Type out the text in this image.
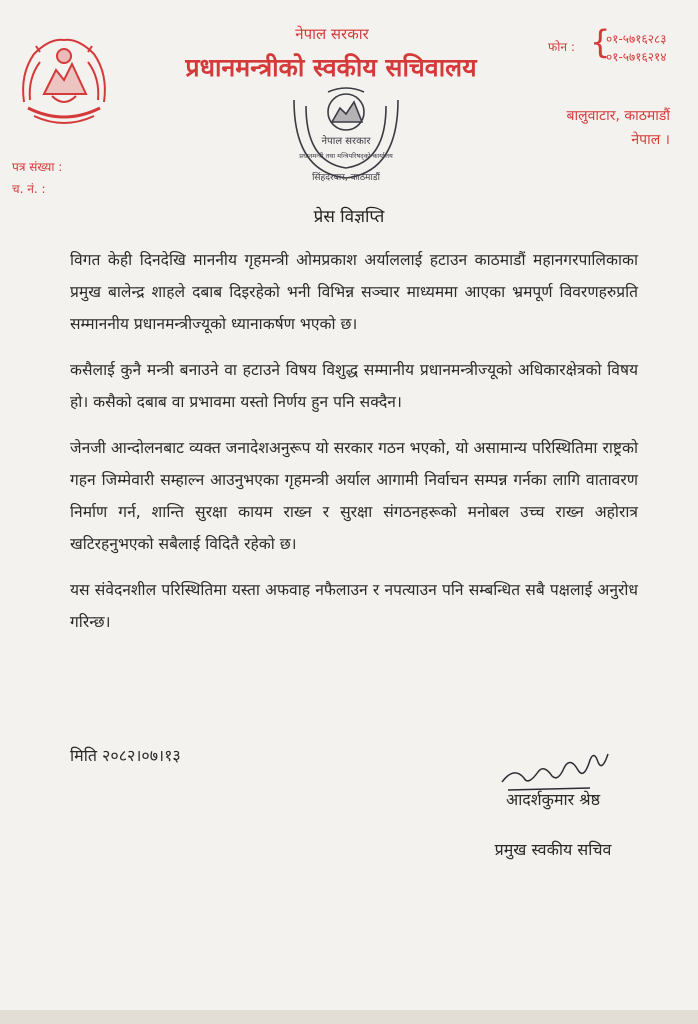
नेपाल सरकार
प्रधानमन्त्रीको स्वकीय सचिवालय
फोन : {
०१-५७१६२८३
०१-५७१६२१४
नेपाल सरकार
प्रधानमन्त्री तथा मन्त्रिपरिषद्को कार्यालय
सिंहदरबार, काठमाडौं
बालुवाटार, काठमाडौं
नेपाल ।
पत्र संख्या :
च. नं. :
प्रेस विज्ञप्ति

विगत केही दिनदेखि माननीय गृहमन्त्री ओमप्रकाश अर्याललाई हटाउन काठमाडौं महानगरपालिकाका प्रमुख बालेन्द्र शाहले दबाब दिइरहेको भनी विभिन्न सञ्चार माध्यममा आएका भ्रमपूर्ण विवरणहरुप्रति सम्माननीय प्रधानमन्त्रीज्यूको ध्यानाकर्षण भएको छ।

कसैलाई कुनै मन्त्री बनाउने वा हटाउने विषय विशुद्ध सम्मानीय प्रधानमन्त्रीज्यूको अधिकारक्षेत्रको विषय हो। कसैको दबाब वा प्रभावमा यस्तो निर्णय हुन पनि सक्दैन।

जेनजी आन्दोलनबाट व्यक्त जनादेशअनुरूप यो सरकार गठन भएको, यो असामान्य परिस्थितिमा राष्ट्रको गहन जिम्मेवारी सम्हाल्न आउनुभएका गृहमन्त्री अर्याल आगामी निर्वाचन सम्पन्न गर्नका लागि वातावरण निर्माण गर्न, शान्ति सुरक्षा कायम राख्न र सुरक्षा संगठनहरूको मनोबल उच्च राख्न अहोरात्र खटिरहनुभएको सबैलाई विदितै रहेको छ।

यस संवेदनशील परिस्थितिमा यस्ता अफवाह नफैलाउन र नपत्याउन पनि सम्बन्धित सबै पक्षलाई अनुरोध गरिन्छ।

मिति २०८२।०७।१३
आदर्शकुमार श्रेष्ठ
प्रमुख स्वकीय सचिव
